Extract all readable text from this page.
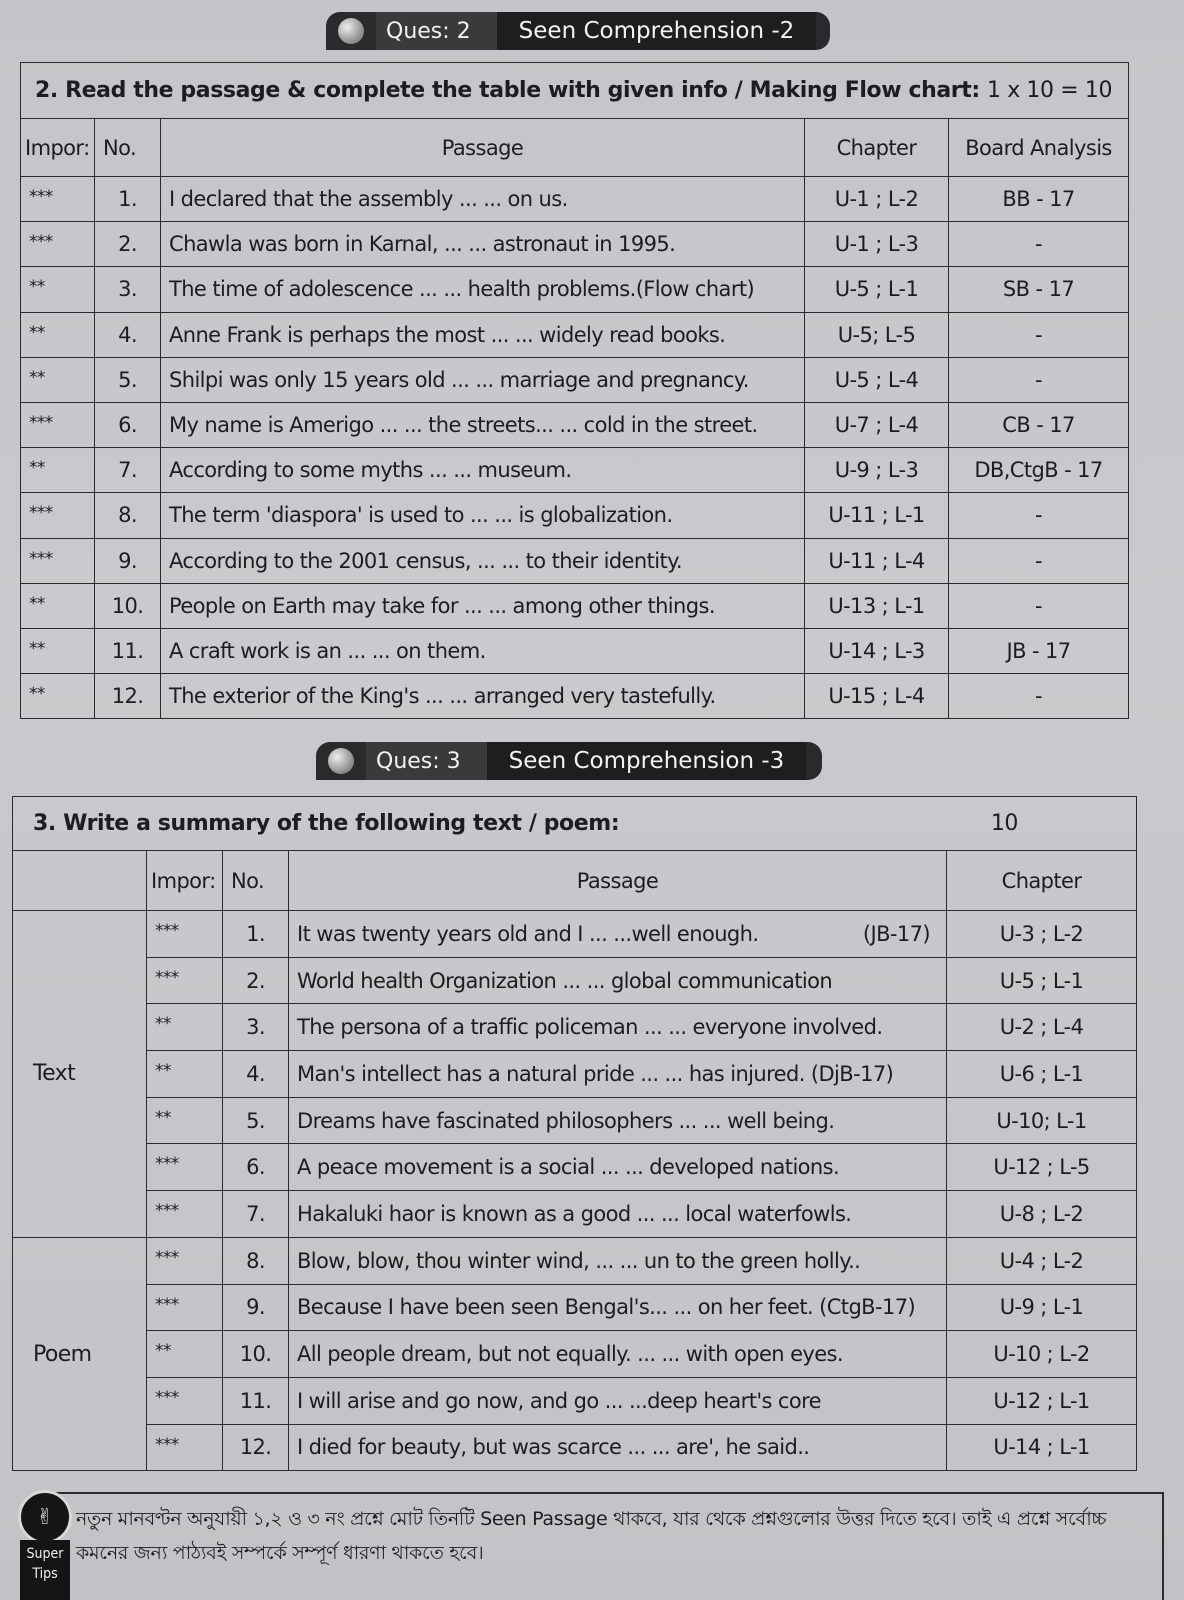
Ques: 2	Seen Comprehension -2
2. Read the passage & complete the table with given info / Making Flow chart: 1 x 10 = 10				
Impor:	No.	Passage	Chapter	Board Analysis
***	1.	I declared that the assembly ... ... on us.	U-1 ; L-2	BB - 17
***	2.	Chawla was born in Karnal, ... ... astronaut in 1995.	U-1 ; L-3	-
**	3.	The time of adolescence ... ... health problems.(Flow chart)	U-5 ; L-1	SB - 17
**	4.	Anne Frank is perhaps the most ... ... widely read books.	U-5; L-5	-
**	5.	Shilpi was only 15 years old ... ... marriage and pregnancy.	U-5 ; L-4	-
***	6.	My name is Amerigo ... ... the streets... ... cold in the street.	U-7 ; L-4	CB - 17
**	7.	According to some myths ... ... museum.	U-9 ; L-3	DB,CtgB - 17
***	8.	The term 'diaspora' is used to ... ... is globalization.	U-11 ; L-1	-
***	9.	According to the 2001 census, ... ... to their identity.	U-11 ; L-4	-
**	10.	People on Earth may take for ... ... among other things.	U-13 ; L-1	-
**	11.	A craft work is an ... ... on them.	U-14 ; L-3	JB - 17
**	12.	The exterior of the King's ... ... arranged very tastefully.	U-15 ; L-4	-
Ques: 3	Seen Comprehension -3
3. Write a summary of the following text / poem: 10				

	Impor:	No.	Passage	Chapter
Text	***	1.	It was twenty years old and I ... ...well enough. (JB-17)	U-3 ; L-2
	***	2.	World health Organization ... ... global communication	U-5 ; L-1
	**	3.	The persona of a traffic policeman ... ... everyone involved.	U-2 ; L-4
	**	4.	Man's intellect has a natural pride ... ... has injured. (DjB-17)	U-6 ; L-1
	**	5.	Dreams have fascinated philosophers ... ... well being.	U-10; L-1
	***	6.	A peace movement is a social ... ... developed nations.	U-12 ; L-5
	***	7.	Hakaluki haor is known as a good ... ... local waterfowls.	U-8 ; L-2
Poem	***	8.	Blow, blow, thou winter wind, ... ... un to the green holly..	U-4 ; L-2
	***	9.	Because I have been seen Bengal's... ... on her feet. (CtgB-17)	U-9 ; L-1
	**	10.	All people dream, but not equally. ... ... with open eyes.	U-10 ; L-2
	***	11.	I will arise and go now, and go ... ...deep heart's core	U-12 ; L-1
	***	12.	I died for beauty, but was scarce ... ... are', he said..	U-14 ; L-1
✌
Super Tips
নতুন মানবণ্টন অনুযায়ী ১,২ ও ৩ নং প্রশ্নে মোট তিনটি Seen Passage থাকবে, যার থেকে প্রশ্নগুলোর উত্তর দিতে হবে। তাই এ প্রশ্নে সর্বোচ্চ কমনের জন্য পাঠ্যবই সম্পর্কে সম্পূর্ণ ধারণা থাকতে হবে।
